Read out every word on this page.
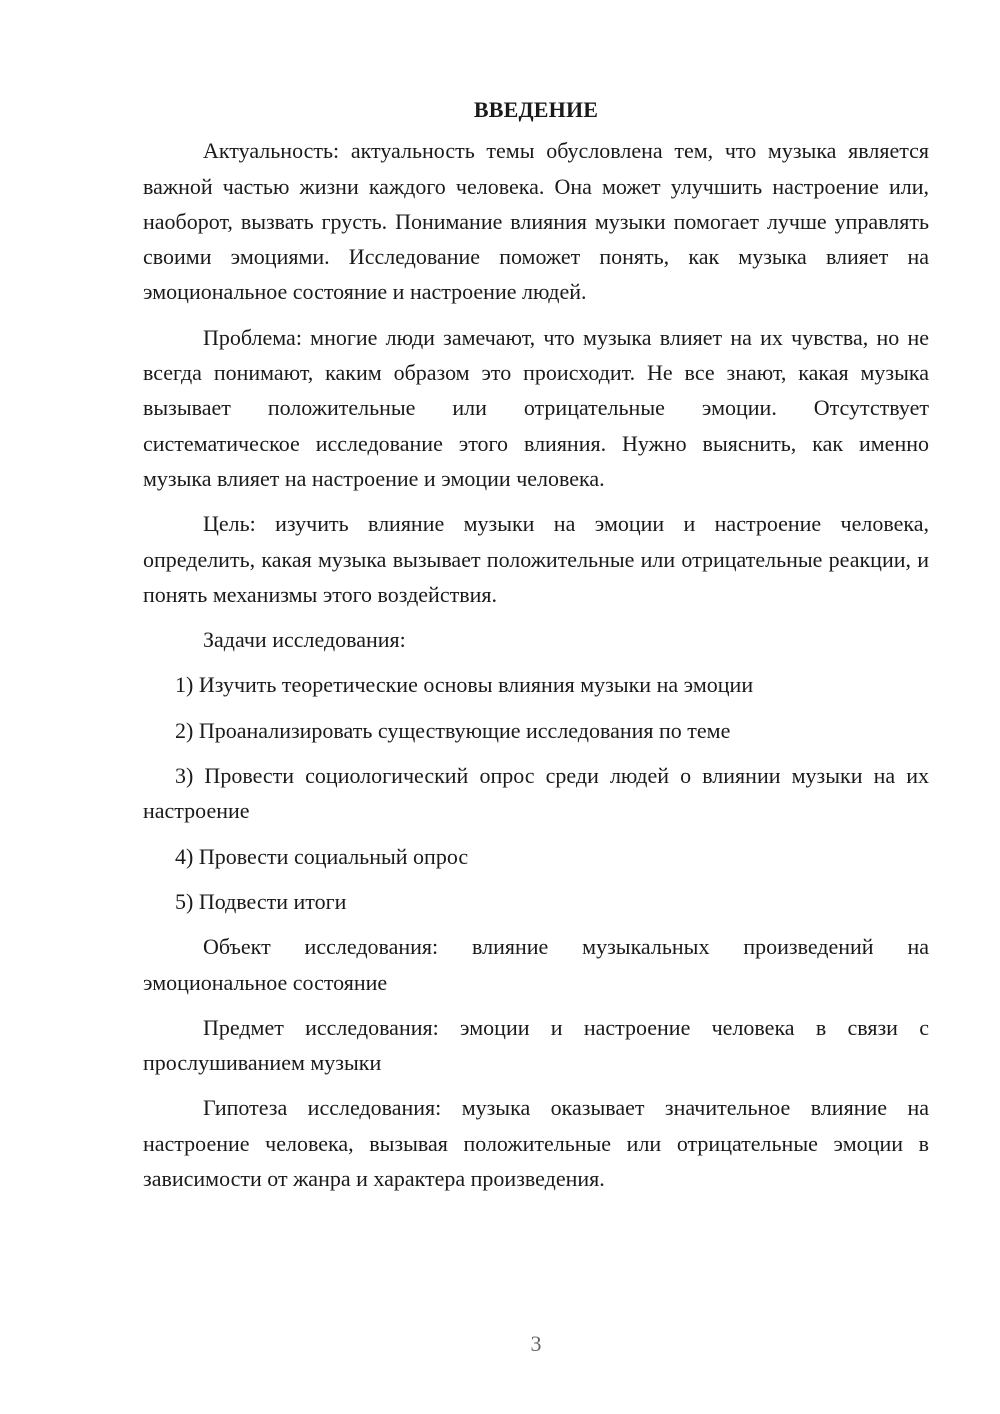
ВВЕДЕНИЕ

Актуальность: актуальность темы обусловлена тем, что музыка является важной частью жизни каждого человека. Она может улучшить настроение или, наоборот, вызвать грусть. Понимание влияния музыки помогает лучше управлять своими эмоциями. Исследование поможет понять, как музыка влияет на эмоциональное состояние и настроение людей.

Проблема: многие люди замечают, что музыка влияет на их чувства, но не всегда понимают, каким образом это происходит. Не все знают, какая музыка вызывает положительные или отрицательные эмоции. Отсутствует систематическое исследование этого влияния. Нужно выяснить, как именно музыка влияет на настроение и эмоции человека.

Цель: изучить влияние музыки на эмоции и настроение человека, определить, какая музыка вызывает положительные или отрицательные реакции, и понять механизмы этого воздействия.

Задачи исследования:

1) Изучить теоретические основы влияния музыки на эмоции

2) Проанализировать существующие исследования по теме

3) Провести социологический опрос среди людей о влиянии музыки на их настроение

4) Провести социальный опрос

5) Подвести итоги

Объект исследования: влияние музыкальных произведений на эмоциональное состояние

Предмет исследования: эмоции и настроение человека в связи с прослушиванием музыки

Гипотеза исследования: музыка оказывает значительное влияние на настроение человека, вызывая положительные или отрицательные эмоции в зависимости от жанра и характера произведения.

3
